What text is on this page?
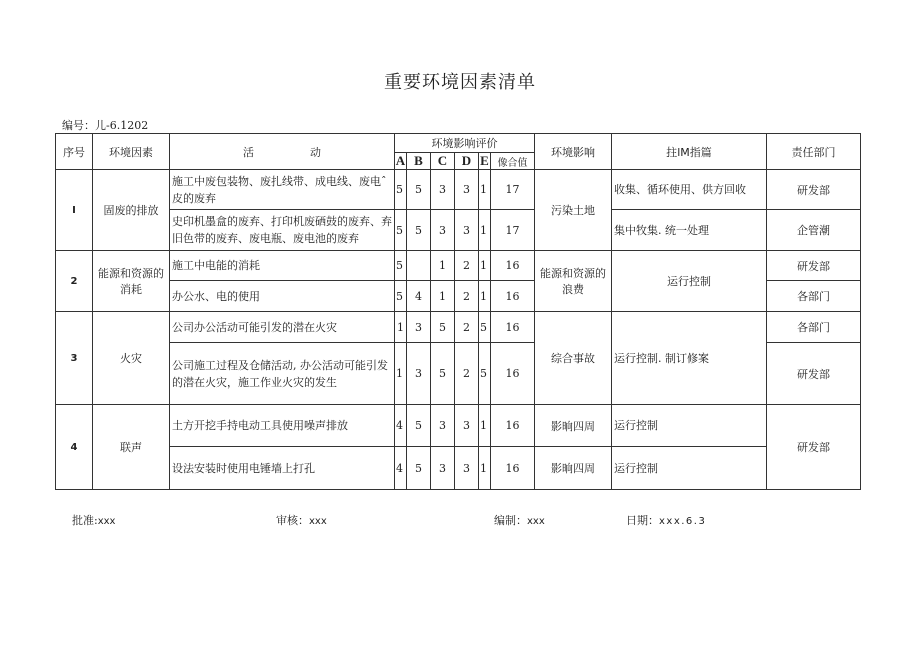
重要环境因素清单
编号：儿-6.1202
序号	环境因素	活                动	环境影响评价						环境影响	拄lM指篇	责任部门
			A	B	C	D	E	像合值			
I	固废的排放	施工中废包装物、废扎线带、成电线、废电ˆ皮的废弃	5	5	3	3	1	17	污染土地	收集、循环使用、供方回收	研发部
		史印机墨盒的废弃、打印机废硒鼓的废弃、弃旧色带的废弃、废电瓶、废电池的废弃	5	5	3	3	1	17		集中牧集. 统一处理	企管潮
2	能源和资源的消耗	施工中电能的消耗	5		1	2	1	16	能源和资源的浪费	运行控制	研发部
		办公水、电的使用	5	4	1	2	1	16			各部门
3	火灾	公司办公活动可能引发的潜在火灾	1	3	5	2	5	16	综合事故	运行控制. 制订修案	各部门
		公司施工过程及仓储活动, 办公活动可能引发的潜在火灾，施工作业火灾的发生	1	3	5	2	5	16			研发部
4	联声	土方开挖手持电动工具使用噪声排放	4	5	3	3	1	16	影晌四周	运行控制	研发部
		设法安装时使用电锤墙上打孔	4	5	3	3	1	16	影晌四周	运行控制	
批准:xxx	审核：xxx	编制：xxx	日期：xxx.6.3
